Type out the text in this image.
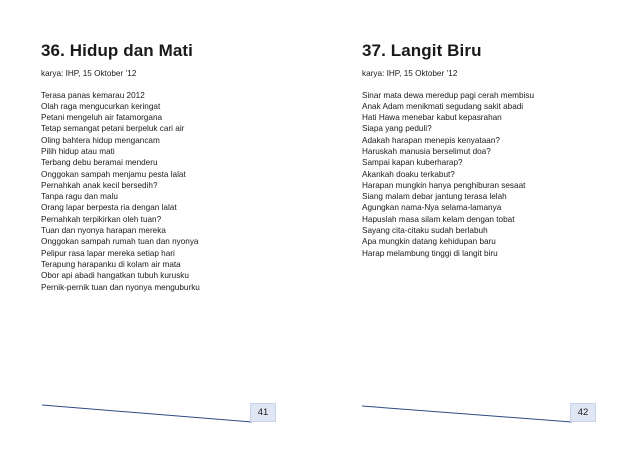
36. Hidup dan Mati
karya: IHP, 15 Oktober ’12
Terasa panas kemarau 2012
Olah raga mengucurkan keringat
Petani mengeluh air fatamorgana
Tetap semangat petani berpeluk cari air
Oling bahtera hidup mengancam
Pilih hidup atau mati
Terbang debu beramai menderu
Onggokan sampah menjamu pesta lalat
Pernahkah anak kecil bersedih?
Tanpa ragu dan malu
Orang lapar berpesta ria dengan lalat
Pernahkah terpikirkan oleh tuan?
Tuan dan nyonya harapan mereka
Onggokan sampah rumah tuan dan nyonya
Pelipur rasa lapar mereka setiap hari
Terapung harapanku di kolam air mata
Obor api abadi hangatkan tubuh kurusku
Pernik-pernik tuan dan nyonya menguburku
41
37. Langit Biru
karya: IHP, 15 Oktober ’12
Sinar mata dewa meredup pagi cerah membisu
Anak Adam menikmati segudang sakit abadi
Hati Hawa menebar kabut kepasrahan
Siapa yang peduli?
Adakah harapan menepis kenyataan?
Haruskah manusia berselimut doa?
Sampai kapan kuberharap?
Akankah doaku terkabut?
Harapan mungkin hanya penghiburan sesaat
Siang malam debar jantung terasa lelah
Agungkan nama-Nya selama-lamanya
Hapuslah masa silam kelam dengan tobat
Sayang cita-citaku sudah berlabuh
Apa mungkin datang kehidupan baru
Harap melambung tinggi di langit biru
42
